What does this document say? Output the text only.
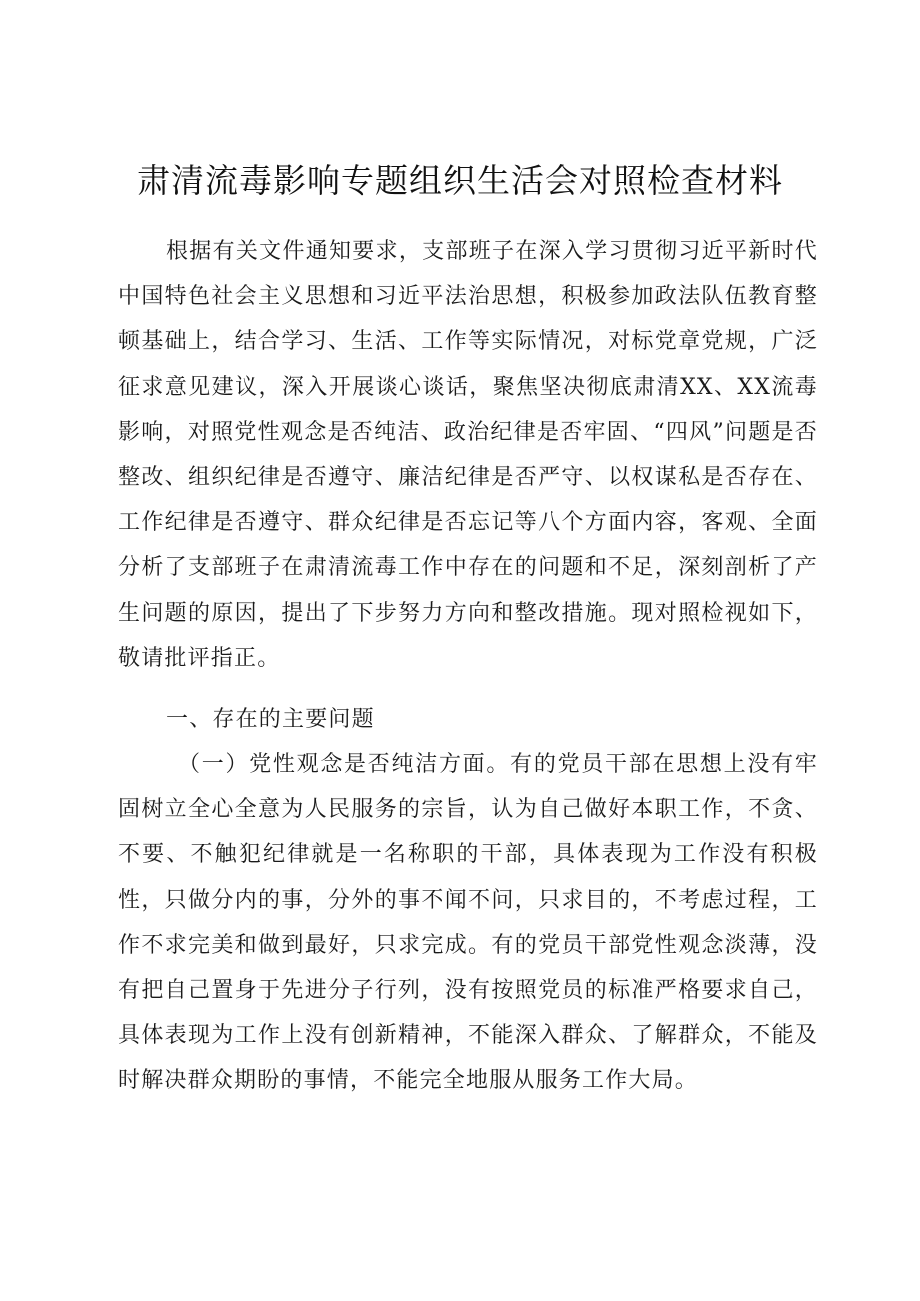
肃清流毒影响专题组织生活会对照检查材料

根据有关文件通知要求，支部班子在深入学习贯彻习近平新时代中国特色社会主义思想和习近平法治思想，积极参加政法队伍教育整顿基础上，结合学习、生活、工作等实际情况，对标党章党规，广泛征求意见建议，深入开展谈心谈话，聚焦坚决彻底肃清XX、XX流毒影响，对照党性观念是否纯洁、政治纪律是否牢固、“四风”问题是否整改、组织纪律是否遵守、廉洁纪律是否严守、以权谋私是否存在、工作纪律是否遵守、群众纪律是否忘记等八个方面内容，客观、全面分析了支部班子在肃清流毒工作中存在的问题和不足，深刻剖析了产生问题的原因，提出了下步努力方向和整改措施。现对照检视如下，敬请批评指正。

一、存在的主要问题

（一）党性观念是否纯洁方面。有的党员干部在思想上没有牢固树立全心全意为人民服务的宗旨，认为自己做好本职工作，不贪、不要、不触犯纪律就是一名称职的干部，具体表现为工作没有积极性，只做分内的事，分外的事不闻不问，只求目的，不考虑过程，工作不求完美和做到最好，只求完成。有的党员干部党性观念淡薄，没有把自己置身于先进分子行列，没有按照党员的标准严格要求自己，具体表现为工作上没有创新精神，不能深入群众、了解群众，不能及时解决群众期盼的事情，不能完全地服从服务工作大局。
